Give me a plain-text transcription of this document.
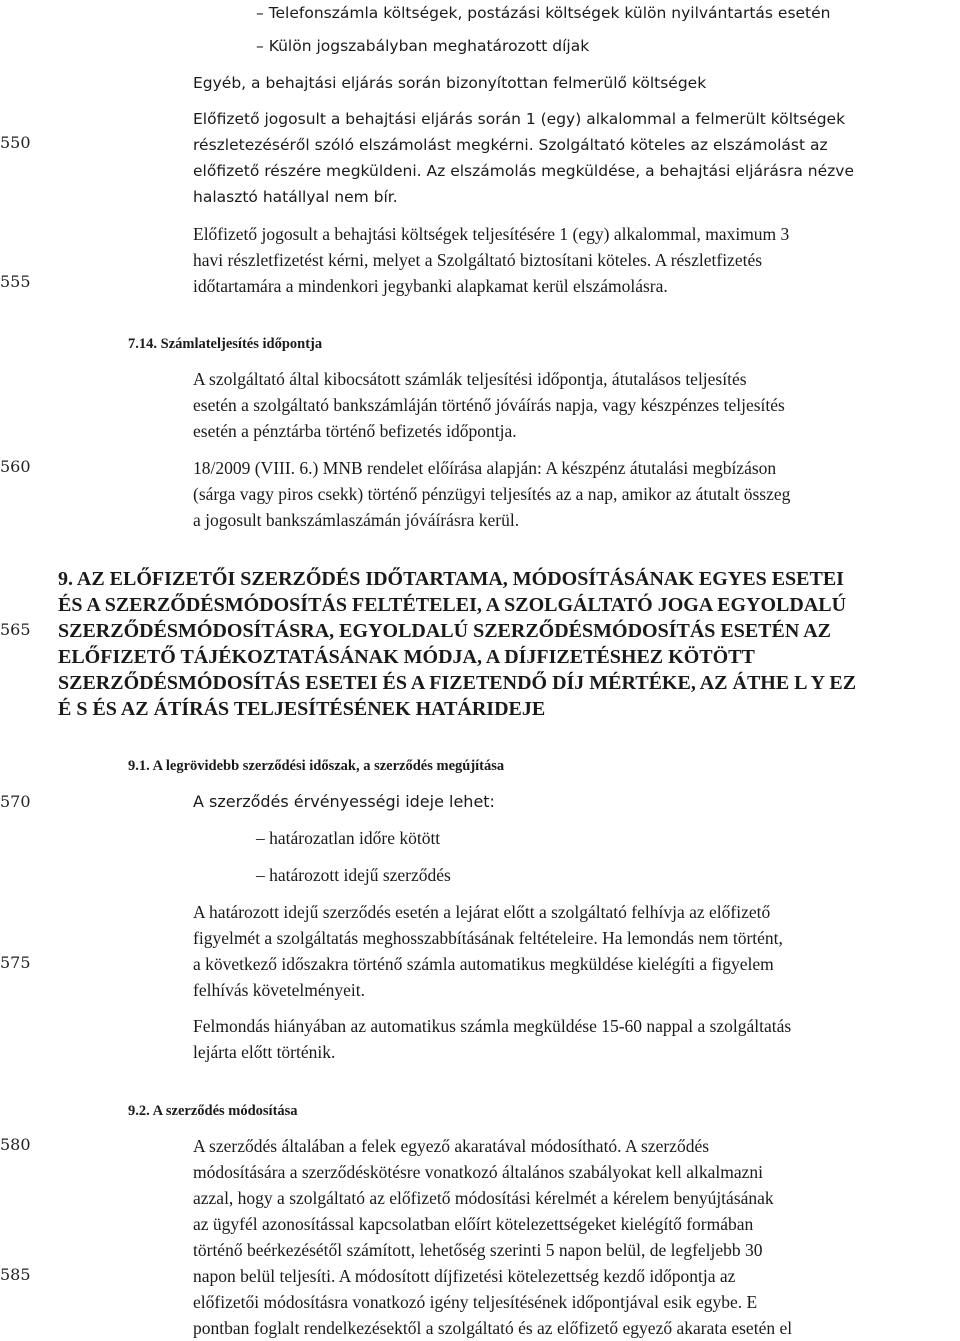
550
555
560
565
570
575
580
585

– Telefonszámla költségek, postázási költségek külön nyilvántartás esetén

– Külön jogszabályban meghatározott díjak

Egyéb, a behajtási eljárás során bizonyítottan felmerülő költségek

Előfizető jogosult a behajtási eljárás során 1 (egy) alkalommal a felmerült költségek

részletezéséről szóló elszámolást megkérni. Szolgáltató köteles az elszámolást az

előfizető részére megküldeni. Az elszámolás megküldése, a behajtási eljárásra nézve

halasztó hatállyal nem bír.

Előfizető jogosult a behajtási költségek teljesítésére 1 (egy) alkalommal, maximum 3

havi részletfizetést kérni, melyet a Szolgáltató biztosítani köteles. A részletfizetés

időtartamára a mindenkori jegybanki alapkamat kerül elszámolásra.

7.14. Számlateljesítés időpontja

A szolgáltató által kibocsátott számlák teljesítési időpontja, átutalásos teljesítés

esetén a szolgáltató bankszámláján történő jóváírás napja, vagy készpénzes teljesítés

esetén a pénztárba történő befizetés időpontja.

18/2009 (VIII. 6.) MNB rendelet előírása alapján: A készpénz átutalási megbízáson

(sárga vagy piros csekk) történő pénzügyi teljesítés az a nap, amikor az átutalt összeg

a jogosult bankszámlaszámán jóváírásra kerül.

9. AZ ELŐFIZETŐI SZERZŐDÉS IDŐTARTAMA, MÓDOSÍTÁSÁNAK EGYES ESETEI

ÉS A SZERZŐDÉSMÓDOSÍTÁS FELTÉTELEI, A SZOLGÁLTATÓ JOGA EGYOLDALÚ

SZERZŐDÉSMÓDOSÍTÁSRA, EGYOLDALÚ SZERZŐDÉSMÓDOSÍTÁS ESETÉN AZ

ELŐFIZETŐ TÁJÉKOZTATÁSÁNAK MÓDJA, A DÍJFIZETÉSHEZ KÖTÖTT

SZERZŐDÉSMÓDOSÍTÁS ESETEI ÉS A FIZETENDŐ DÍJ MÉRTÉKE, AZ ÁTHE L Y EZ

É S ÉS AZ ÁTÍRÁS TELJESÍTÉSÉNEK HATÁRIDEJE

9.1. A legrövidebb szerződési időszak, a szerződés megújítása
A szerződés érvényességi ideje lehet:

– határozatlan időre kötött

– határozott idejű szerződés

A határozott idejű szerződés esetén a lejárat előtt a szolgáltató felhívja az előfizető

figyelmét a szolgáltatás meghosszabbításának feltételeire. Ha lemondás nem történt,

a következő időszakra történő számla automatikus megküldése kielégíti a figyelem

felhívás követelményeit.

Felmondás hiányában az automatikus számla megküldése 15-60 nappal a szolgáltatás

lejárta előtt történik.

9.2. A szerződés módosítása

A szerződés általában a felek egyező akaratával módosítható. A szerződés

módosítására a szerződéskötésre vonatkozó általános szabályokat kell alkalmazni

azzal, hogy a szolgáltató az előfizető módosítási kérelmét a kérelem benyújtásának

az ügyfél azonosítással kapcsolatban előírt kötelezettségeket kielégítő formában

történő beérkezésétől számított, lehetőség szerinti 5 napon belül, de legfeljebb 30

napon belül teljesíti. A módosított díjfizetési kötelezettség kezdő időpontja az

előfizetői módosításra vonatkozó igény teljesítésének időpontjával esik egybe. E

pontban foglalt rendelkezésektől a szolgáltató és az előfizető egyező akarata esetén el
